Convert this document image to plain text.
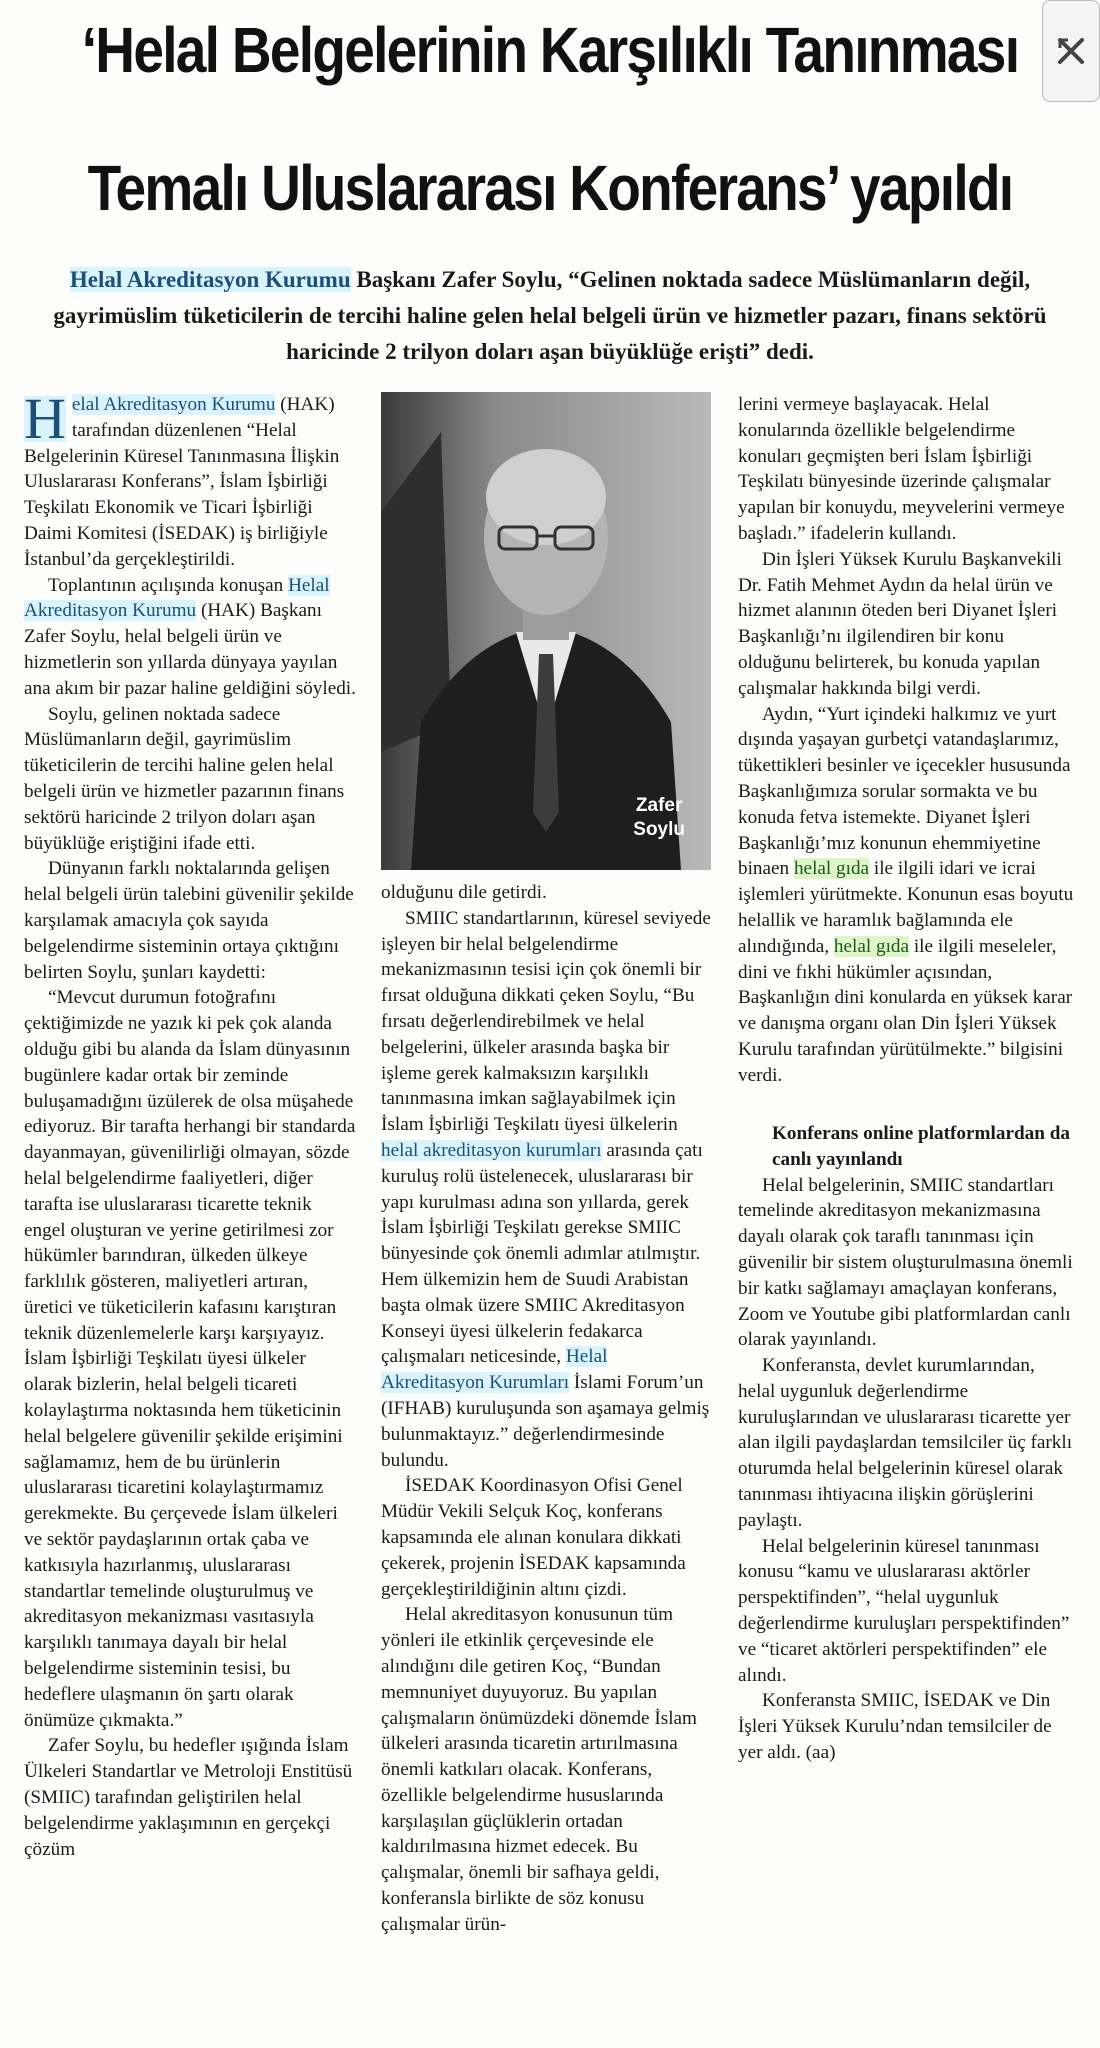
‘Helal Belgelerinin Karşılıklı Tanınması
Temalı Uluslararası Konferans’ yapıldı
Helal Akreditasyon Kurumu Başkanı Zafer Soylu, “Gelinen noktada sadece Müslümanların değil, gayrimüslim tüketicilerin de tercihi haline gelen helal belgeli ürün ve hizmetler pazarı, finans sektörü haricinde 2 trilyon doları aşan büyüklüğe erişti” dedi.

H elal Akreditasyon Kurumu (HAK) tarafından düzenlenen “Helal Belgelerinin Küresel Tanınmasına İlişkin Uluslararası Konferans”, İslam İşbirliği Teşkilatı Ekonomik ve Ticari İşbirliği Daimi Komitesi (İSEDAK) iş birliğiyle İstanbul’da gerçekleştirildi.

Toplantının açılışında konuşan Helal Akreditasyon Kurumu (HAK) Başkanı Zafer Soylu, helal belgeli ürün ve hizmetlerin son yıllarda dünyaya yayılan ana akım bir pazar haline geldiğini söyledi.

Soylu, gelinen noktada sadece Müslümanların değil, gayrimüslim tüketicilerin de tercihi haline gelen helal belgeli ürün ve hizmetler pazarının finans sektörü haricinde 2 trilyon doları aşan büyüklüğe eriştiğini ifade etti.

Dünyanın farklı noktalarında gelişen helal belgeli ürün talebini güvenilir şekilde karşılamak amacıyla çok sayıda belgelendirme sisteminin ortaya çıktığını belirten Soylu, şunları kaydetti:

“Mevcut durumun fotoğrafını çektiğimizde ne yazık ki pek çok alanda olduğu gibi bu alanda da İslam dünyasının bugünlere kadar ortak bir zeminde buluşamadığını üzülerek de olsa müşahede ediyoruz. Bir tarafta herhangi bir standarda dayanmayan, güvenilirliği olmayan, sözde helal belgelendirme faaliyetleri, diğer tarafta ise uluslararası ticarette teknik engel oluşturan ve yerine getirilmesi zor hükümler barındıran, ülkeden ülkeye farklılık gösteren, maliyetleri artıran, üretici ve tüketicilerin kafasını karıştıran teknik düzenlemelerle karşı karşıyayız. İslam İşbirliği Teşkilatı üyesi ülkeler olarak bizlerin, helal belgeli ticareti kolaylaştırma noktasında hem tüketicinin helal belgelere güvenilir şekilde erişimini sağlamamız, hem de bu ürünlerin uluslararası ticaretini kolaylaştırmamız gerekmekte. Bu çerçevede İslam ülkeleri ve sektör paydaşlarının ortak çaba ve katkısıyla hazırlanmış, uluslararası standartlar temelinde oluşturulmuş ve akreditasyon mekanizması vasıtasıyla karşılıklı tanımaya dayalı bir helal belgelendirme sisteminin tesisi, bu hedeflere ulaşmanın ön şartı olarak önümüze çıkmakta.”

Zafer Soylu, bu hedefler ışığında İslam Ülkeleri Standartlar ve Metroloji Enstitüsü (SMIIC) tarafından geliştirilen helal belgelendirme yaklaşımının en gerçekçi çözüm

Zafer
Soylu

olduğunu dile getirdi.

SMIIC standartlarının, küresel seviyede işleyen bir helal belgelendirme mekanizmasının tesisi için çok önemli bir fırsat olduğuna dikkati çeken Soylu, “Bu fırsatı değerlendirebilmek ve helal belgelerini, ülkeler arasında başka bir işleme gerek kalmaksızın karşılıklı tanınmasına imkan sağlayabilmek için İslam İşbirliği Teşkilatı üyesi ülkelerin helal akreditasyon kurumları arasında çatı kuruluş rolü üstelenecek, uluslararası bir yapı kurulması adına son yıllarda, gerek İslam İşbirliği Teşkilatı gerekse SMIIC bünyesinde çok önemli adımlar atılmıştır. Hem ülkemizin hem de Suudi Arabistan başta olmak üzere SMIIC Akreditasyon Konseyi üyesi ülkelerin fedakarca çalışmaları neticesinde, Helal Akreditasyon Kurumları İslami Forum’un (IFHAB) kuruluşunda son aşamaya gelmiş bulunmaktayız.” değerlendirmesinde bulundu.

İSEDAK Koordinasyon Ofisi Genel Müdür Vekili Selçuk Koç, konferans kapsamında ele alınan konulara dikkati çekerek, projenin İSEDAK kapsamında gerçekleştirildiğinin altını çizdi.

Helal akreditasyon konusunun tüm yönleri ile etkinlik çerçevesinde ele alındığını dile getiren Koç, “Bundan memnuniyet duyuyoruz. Bu yapılan çalışmaların önümüzdeki dönemde İslam ülkeleri arasında ticaretin artırılmasına önemli katkıları olacak. Konferans, özellikle belgelendirme hususlarında karşılaşılan güçlüklerin ortadan kaldırılmasına hizmet edecek. Bu çalışmalar, önemli bir safhaya geldi, konferansla birlikte de söz konusu çalışmalar ürün-

lerini vermeye başlayacak. Helal konularında özellikle belgelendirme konuları geçmişten beri İslam İşbirliği Teşkilatı bünyesinde üzerinde çalışmalar yapılan bir konuydu, meyvelerini vermeye başladı.” ifadelerin kullandı.

Din İşleri Yüksek Kurulu Başkanvekili Dr. Fatih Mehmet Aydın da helal ürün ve hizmet alanının öteden beri Diyanet İşleri Başkanlığı’nı ilgilendiren bir konu olduğunu belirterek, bu konuda yapılan çalışmalar hakkında bilgi verdi.

Aydın, “Yurt içindeki halkımız ve yurt dışında yaşayan gurbetçi vatandaşlarımız, tükettikleri besinler ve içecekler hususunda Başkanlığımıza sorular sormakta ve bu konuda fetva istemekte. Diyanet İşleri Başkanlığı’mız konunun ehemmiyetine binaen helal gıda ile ilgili idari ve icrai işlemleri yürütmekte. Konunun esas boyutu helallik ve haramlık bağlamında ele alındığında, helal gıda ile ilgili meseleler, dini ve fıkhi hükümler açısından, Başkanlığın dini konularda en yüksek karar ve danışma organı olan Din İşleri Yüksek Kurulu tarafından yürütülmekte.” bilgisini verdi.

Konferans online platformlardan da canlı yayınlandı

Helal belgelerinin, SMIIC standartları temelinde akreditasyon mekanizmasına dayalı olarak çok taraflı tanınması için güvenilir bir sistem oluşturulmasına önemli bir katkı sağlamayı amaçlayan konferans, Zoom ve Youtube gibi platformlardan canlı olarak yayınlandı.

Konferansta, devlet kurumlarından, helal uygunluk değerlendirme kuruluşlarından ve uluslararası ticarette yer alan ilgili paydaşlardan temsilciler üç farklı oturumda helal belgelerinin küresel olarak tanınması ihtiyacına ilişkin görüşlerini paylaştı.

Helal belgelerinin küresel tanınması konusu “kamu ve uluslararası aktörler perspektifinden”, “helal uygunluk değerlendirme kuruluşları perspektifinden” ve “ticaret aktörleri perspektifinden” ele alındı.

Konferansta SMIIC, İSEDAK ve Din İşleri Yüksek Kurulu’ndan temsilciler de yer aldı. (aa)
